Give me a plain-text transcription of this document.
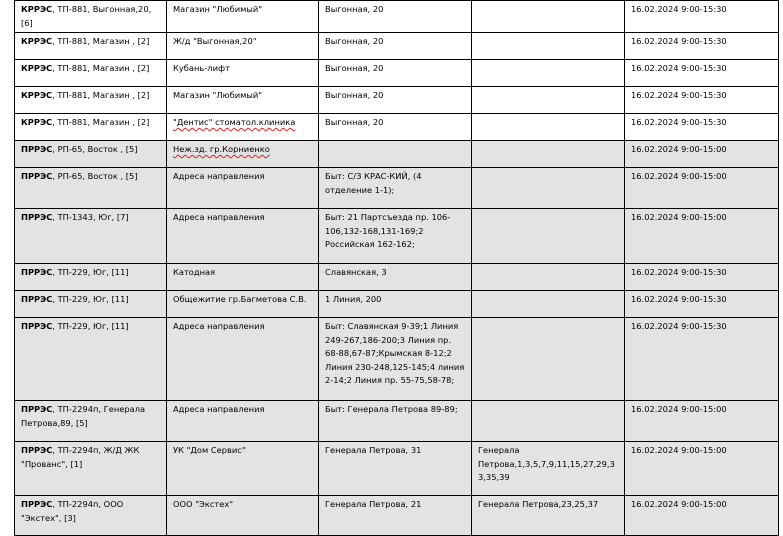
КРРЭС, ТП-881, Выгонная,20, [6]	Магазин "Любимый"	Выгонная, 20		16.02.2024 9:00-15:30
КРРЭС, ТП-881, Магазин , [2]	Ж/д "Выгонная,20"	Выгонная, 20		16.02.2024 9:00-15:30
КРРЭС, ТП-881, Магазин , [2]	Кубань-лифт	Выгонная, 20		16.02.2024 9:00-15:30
КРРЭС, ТП-881, Магазин , [2]	Магазин "Любимый"	Выгонная, 20		16.02.2024 9:00-15:30
КРРЭС, ТП-881, Магазин , [2]	"Дентис" стоматол.клиника	Выгонная, 20		16.02.2024 9:00-15:30
ПРРЭС, РП-65, Восток , [5]	Неж.зд. гр.Корниенко			16.02.2024 9:00-15:00
ПРРЭС, РП-65, Восток , [5]	Адреса направления	Быт: С/З КРАС-КИЙ, (4 отделение 1-1);		16.02.2024 9:00-15:00
ПРРЭС, ТП-1343, Юг, [7]	Адреса направления	Быт: 21 Партсъезда пр. 106-106,132-168,131-169;2 Российская 162-162;		16.02.2024 9:00-15:00
ПРРЭС, ТП-229, Юг, [11]	Катодная	Славянская, 3		16.02.2024 9:00-15:30
ПРРЭС, ТП-229, Юг, [11]	Общежитие гр.Багметова С.В.	1 Линия, 200		16.02.2024 9:00-15:30
ПРРЭС, ТП-229, Юг, [11]	Адреса направления	Быт: Славянская 9-39;1 Линия 249-267,186-200;3 Линия пр. 68-88,67-87;Крымская 8-12;2 Линия 230-248,125-145;4 линия 2-14;2 Линия пр. 55-75,58-78;		16.02.2024 9:00-15:30
ПРРЭС, ТП-2294п, Генерала Петрова,89, [5]	Адреса направления	Быт: Генерала Петрова 89-89;		16.02.2024 9:00-15:00
ПРРЭС, ТП-2294п, Ж/Д ЖК "Прованс", [1]	УК "Дом Сервис"	Генерала Петрова, 31	Генерала Петрова,1,3,5,7,9,11,15,27,29,33,35,39	16.02.2024 9:00-15:00
ПРРЭС, ТП-2294п, ООО "Экстех", [3]	ООО "Экстех"	Генерала Петрова, 21	Генерала Петрова,23,25,37	16.02.2024 9:00-15:00
